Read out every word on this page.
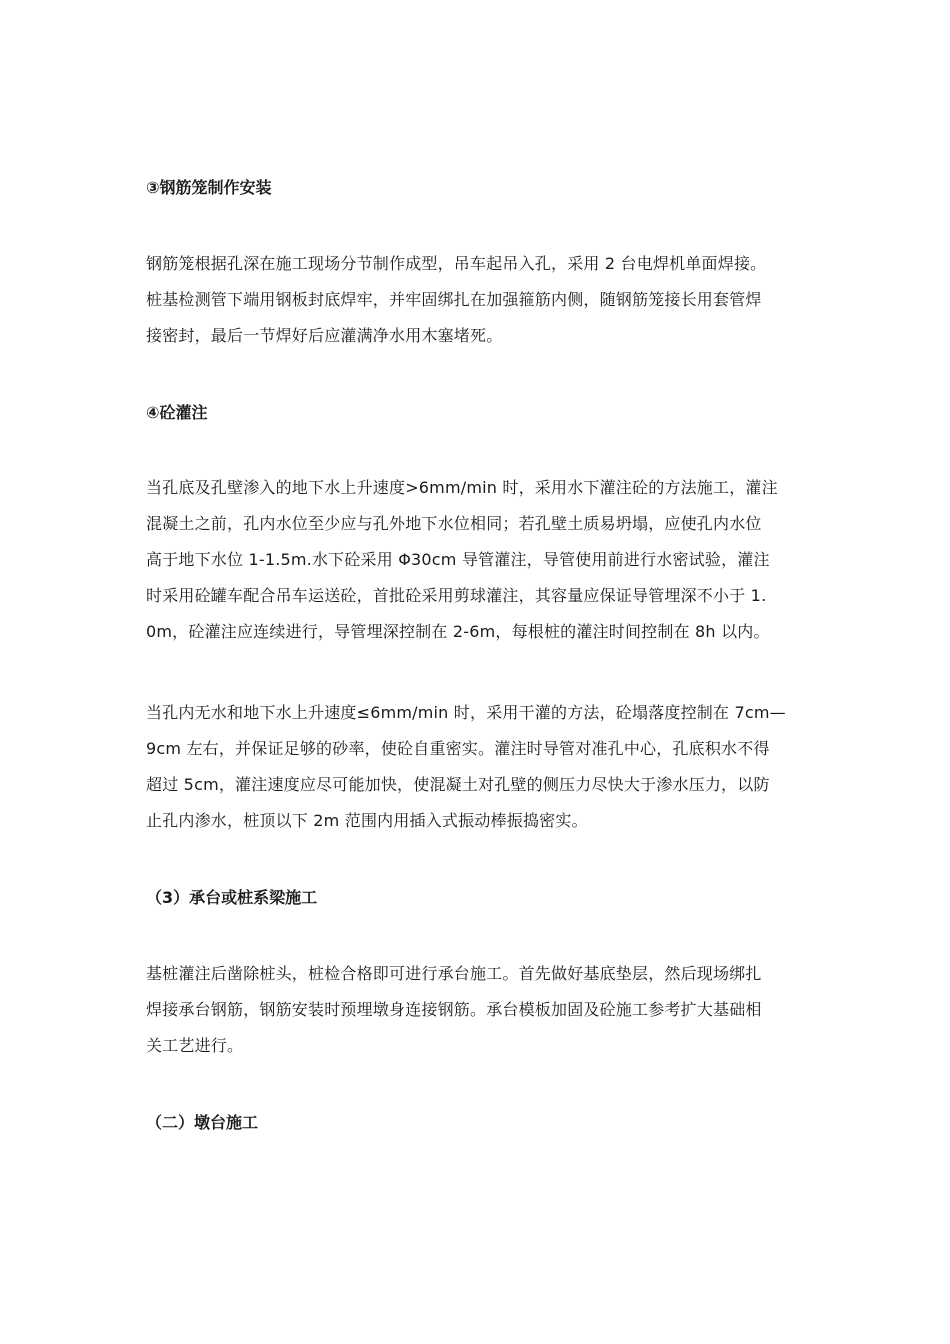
③钢筋笼制作安装

钢筋笼根据孔深在施工现场分节制作成型，吊车起吊入孔，采用 2 台电焊机单面焊接。
桩基检测管下端用钢板封底焊牢，并牢固绑扎在加强箍筋内侧，随钢筋笼接长用套管焊
接密封，最后一节焊好后应灌满净水用木塞堵死。

④砼灌注

当孔底及孔壁渗入的地下水上升速度>6mm/min 时，采用水下灌注砼的方法施工，灌注
混凝土之前，孔内水位至少应与孔外地下水位相同；若孔壁土质易坍塌，应使孔内水位
高于地下水位 1-1.5m.水下砼采用 Φ30cm 导管灌注，导管使用前进行水密试验，灌注
时采用砼罐车配合吊车运送砼，首批砼采用剪球灌注，其容量应保证导管埋深不小于 1.
0m，砼灌注应连续进行，导管埋深控制在 2-6m，每根桩的灌注时间控制在 8h 以内。

当孔内无水和地下水上升速度≤6mm/min 时，采用干灌的方法，砼塌落度控制在 7cm—
9cm 左右，并保证足够的砂率，使砼自重密实。灌注时导管对准孔中心，孔底积水不得
超过 5cm，灌注速度应尽可能加快，使混凝土对孔壁的侧压力尽快大于渗水压力，以防
止孔内渗水，桩顶以下 2m 范围内用插入式振动棒振捣密实。

（3）承台或桩系梁施工

基桩灌注后凿除桩头，桩检合格即可进行承台施工。首先做好基底垫层，然后现场绑扎
焊接承台钢筋，钢筋安装时预埋墩身连接钢筋。承台模板加固及砼施工参考扩大基础相
关工艺进行。

（二）墩台施工
